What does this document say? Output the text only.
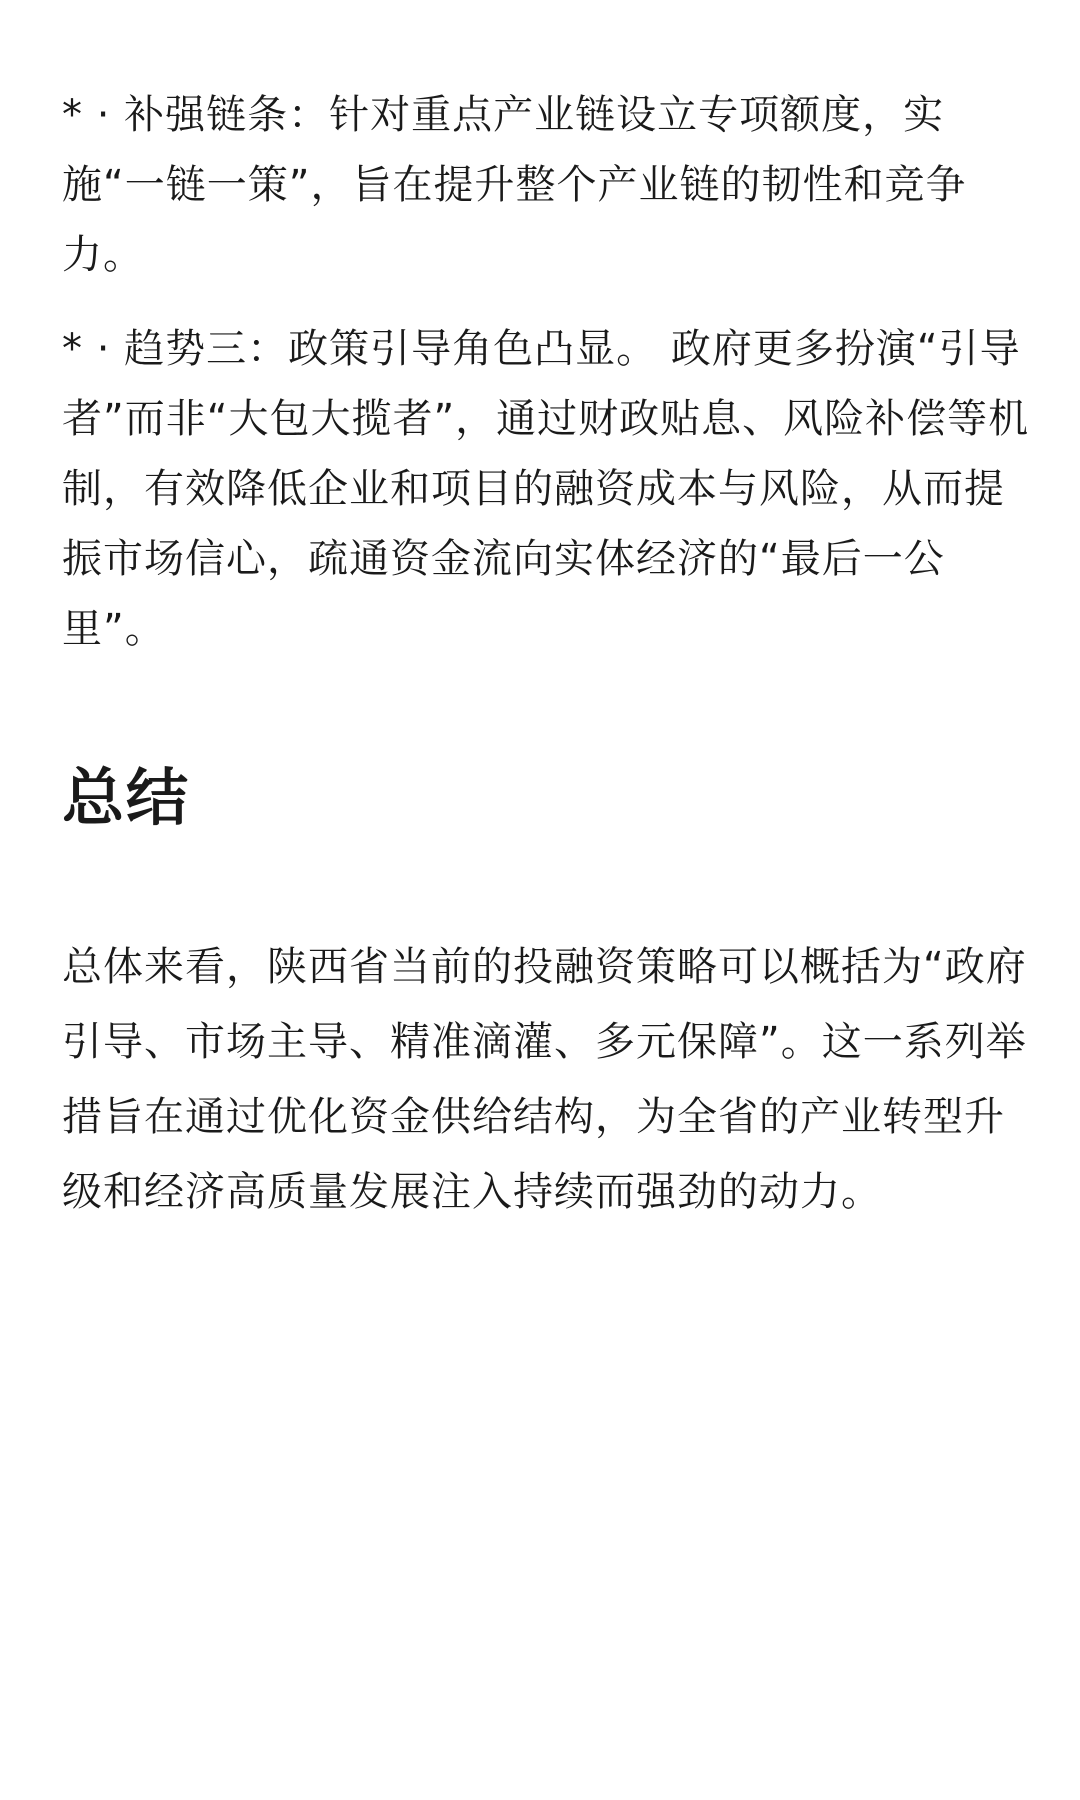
* · 补强链条：针对重点产业链设立专项额度，实施“一链一策”，旨在提升整个产业链的韧性和竞争力。

* · 趋势三：政策引导角色凸显。 政府更多扮演“引导者”而非“大包大揽者”，通过财政贴息、风险补偿等机制，有效降低企业和项目的融资成本与风险，从而提振市场信心，疏通资金流向实体经济的“最后一公里”。

总结

总体来看，陕西省当前的投融资策略可以概括为“政府引导、市场主导、精准滴灌、多元保障”。这一系列举措旨在通过优化资金供给结构，为全省的产业转型升级和经济高质量发展注入持续而强劲的动力。
